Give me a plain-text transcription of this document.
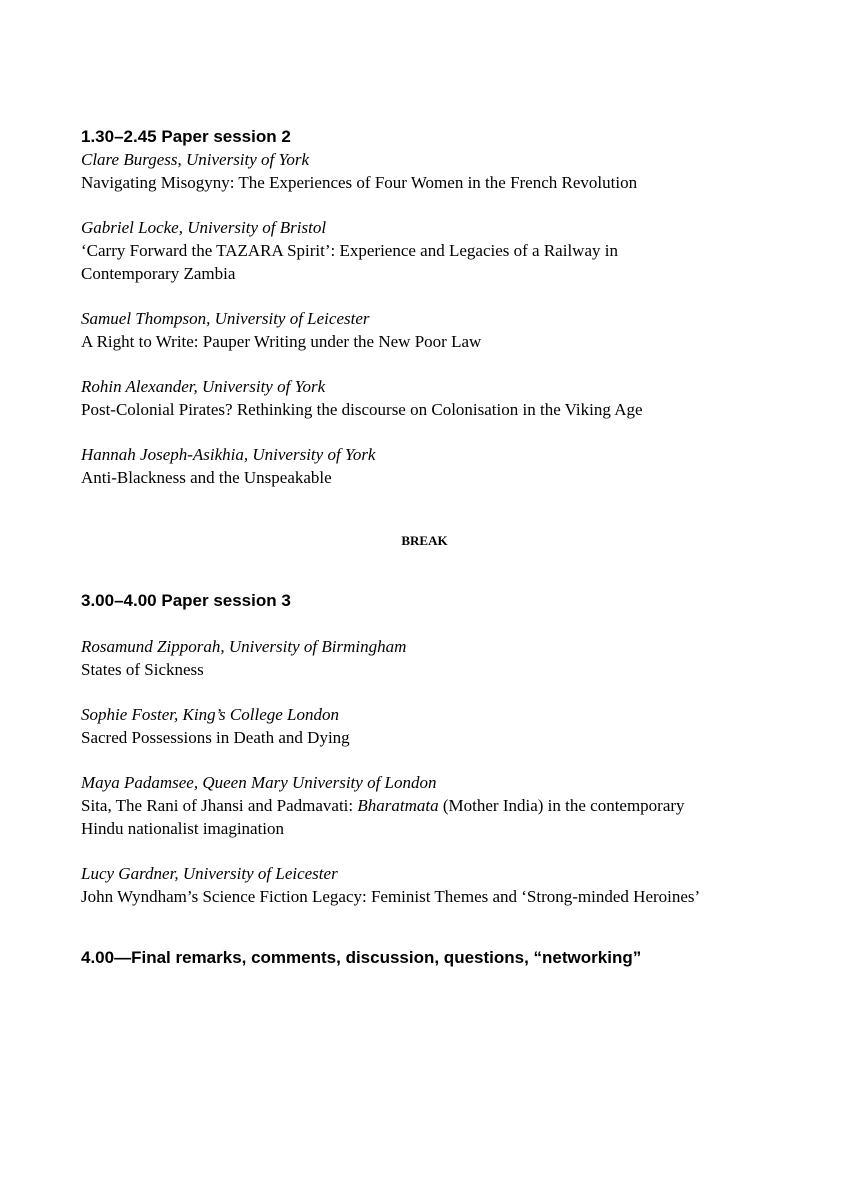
1.30–2.45 Paper session 2

Clare Burgess, University of York

Navigating Misogyny: The Experiences of Four Women in the French Revolution

Gabriel Locke, University of Bristol

‘Carry Forward the TAZARA Spirit’: Experience and Legacies of a Railway in
Contemporary Zambia

Samuel Thompson, University of Leicester

A Right to Write: Pauper Writing under the New Poor Law

Rohin Alexander, University of York

Post-Colonial Pirates? Rethinking the discourse on Colonisation in the Viking Age

Hannah Joseph-Asikhia, University of York

Anti-Blackness and the Unspeakable

BREAK

3.00–4.00 Paper session 3

Rosamund Zipporah, University of Birmingham

States of Sickness

Sophie Foster, King’s College London

Sacred Possessions in Death and Dying

Maya Padamsee, Queen Mary University of London

Sita, The Rani of Jhansi and Padmavati: Bharatmata (Mother India) in the contemporary
Hindu nationalist imagination

Lucy Gardner, University of Leicester

John Wyndham’s Science Fiction Legacy: Feminist Themes and ‘Strong-minded Heroines’

4.00—Final remarks, comments, discussion, questions, “networking”
